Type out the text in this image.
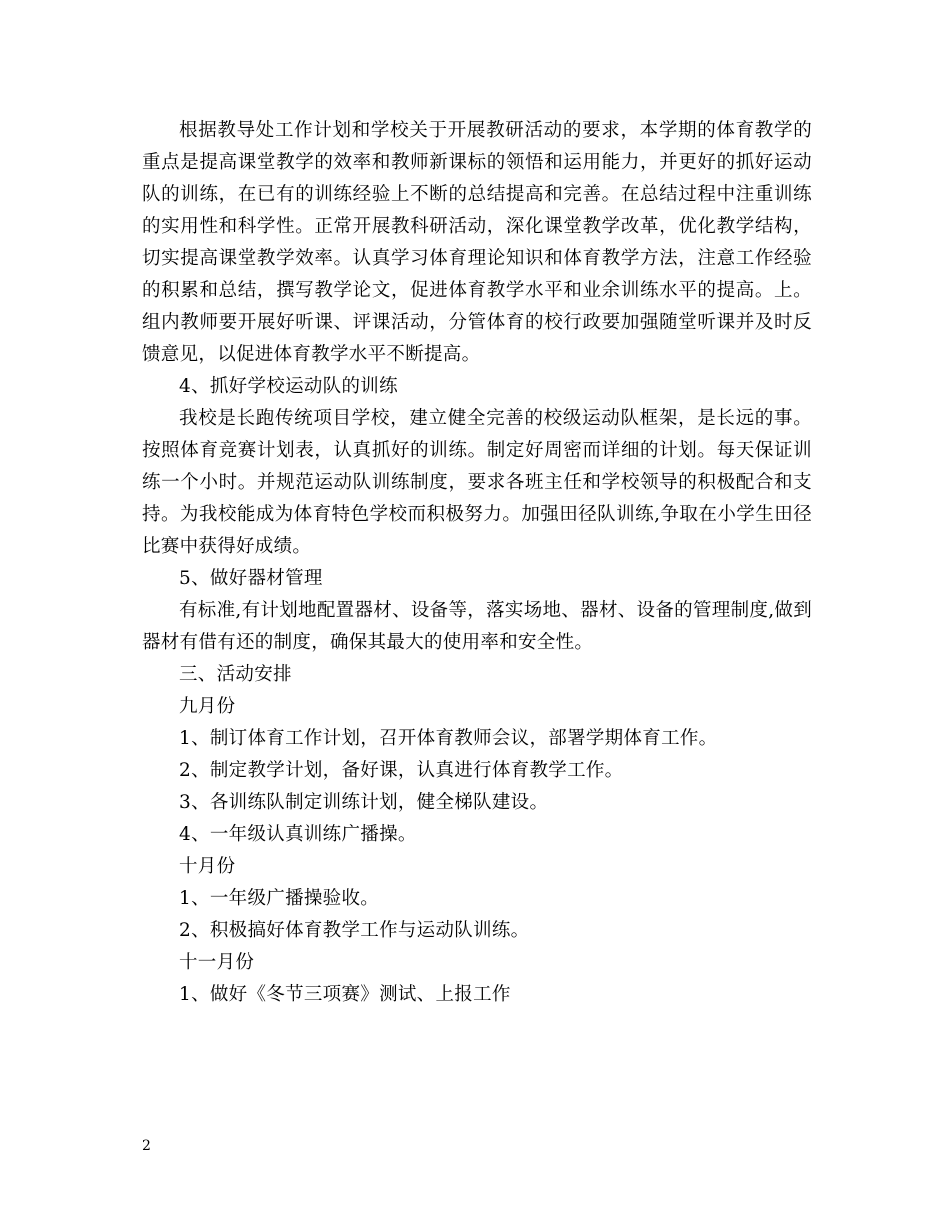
根据教导处工作计划和学校关于开展教研活动的要求，本学期的体育教学的重点是提高课堂教学的效率和教师新课标的领悟和运用能力，并更好的抓好运动队的训练，在已有的训练经验上不断的总结提高和完善。在总结过程中注重训练的实用性和科学性。正常开展教科研活动，深化课堂教学改革，优化教学结构，切实提高课堂教学效率。认真学习体育理论知识和体育教学方法，注意工作经验的积累和总结，撰写教学论文，促进体育教学水平和业余训练水平的提高。上。组内教师要开展好听课、评课活动，分管体育的校行政要加强随堂听课并及时反馈意见，以促进体育教学水平不断提高。

4、抓好学校运动队的训练

我校是长跑传统项目学校，建立健全完善的校级运动队框架，是长远的事。按照体育竞赛计划表，认真抓好的训练。制定好周密而详细的计划。每天保证训练一个小时。并规范运动队训练制度，要求各班主任和学校领导的积极配合和支持。为我校能成为体育特色学校而积极努力。加强田径队训练,争取在小学生田径比赛中获得好成绩。

5、做好器材管理

有标准,有计划地配置器材、设备等，落实场地、器材、设备的管理制度,做到器材有借有还的制度，确保其最大的使用率和安全性。

三、活动安排

九月份

1、制订体育工作计划，召开体育教师会议，部署学期体育工作。

2、制定教学计划，备好课，认真进行体育教学工作。

3、各训练队制定训练计划，健全梯队建设。

4、一年级认真训练广播操。

十月份

1、一年级广播操验收。

2、积极搞好体育教学工作与运动队训练。

十一月份

1、做好《冬节三项赛》测试、上报工作

2
